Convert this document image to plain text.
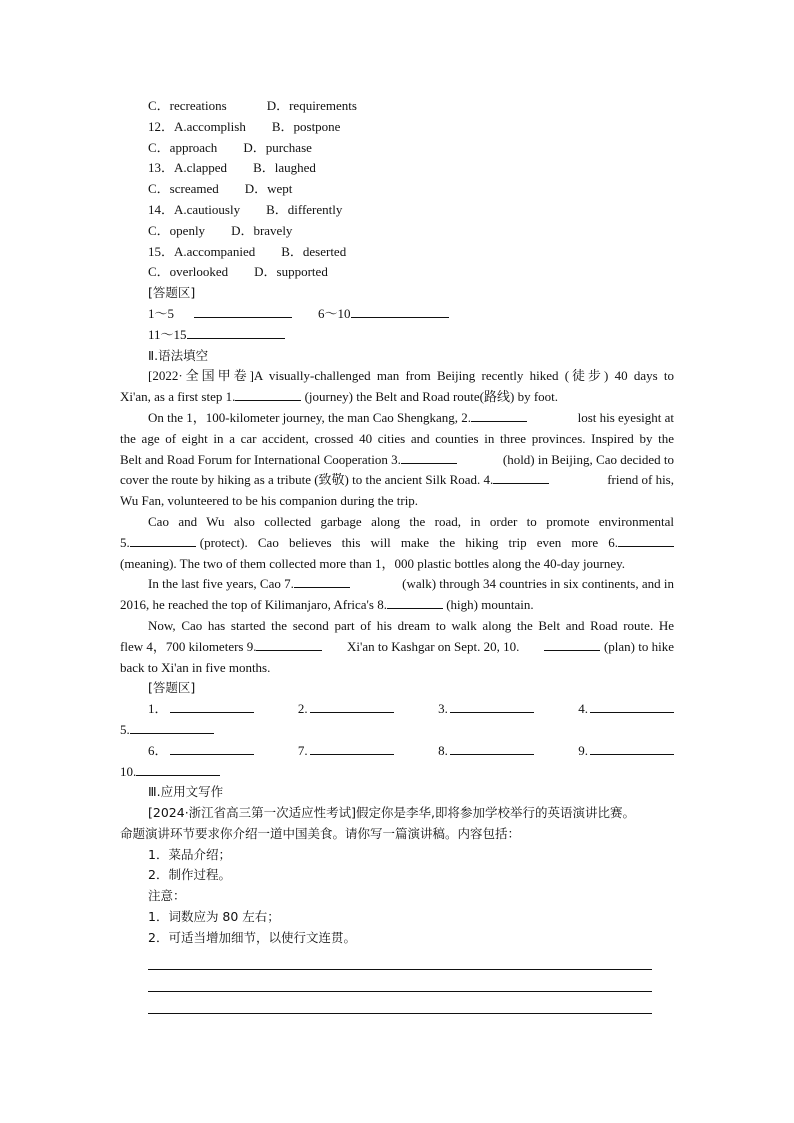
C．recreations	D．requirements
12．A.accomplish B．postpone
C．approach D．purchase
13．A.clapped B．laughed
C．screamed D．wept
14．A.cautiously B．differently
C．openly D．bravely
15．A.accompanied B．deserted
C．overlooked D．supported
[答题区]
1～5	6～10
11～15
Ⅱ.语法填空
[2022·全国甲卷]A visually-challenged man from Beijing recently hiked (徒步) 40 days to
Xi'an, as a first step 1.	(journey) the Belt and Road route(路线) by foot.
On the 1，100-kilometer journey, the man Cao Shengkang, 2.	lost his eyesight at
the age of eight in a car accident, crossed 40 cities and counties in three provinces. Inspired by the
Belt and Road Forum for International Cooperation 3.	(hold) in Beijing, Cao decided to
cover the route by hiking as a tribute (致敬) to the ancient Silk Road. 4.	friend of his,
Wu Fan, volunteered to be his companion during the trip.
Cao and Wu also collected garbage along the road, in order to promote environmental
5.	(protect). Cao believes this will make the hiking trip even more 6.
(meaning). The two of them collected more than 1，000 plastic bottles along the 40-day journey.
In the last five years, Cao 7.	(walk) through 34 countries in six continents, and in
2016, he reached the top of Kilimanjaro, Africa's 8.	(high) mountain.
Now, Cao has started the second part of his dream to walk along the Belt and Road route. He
flew 4，700 kilometers 9.	Xi'an to Kashgar on Sept. 20, 10.	(plan) to hike
back to Xi'an in five months.
[答题区]
1．	2.	3.	4.
5.
6．	7.	8.	9.
10.
Ⅲ.应用文写作
[2024·浙江省高三第一次适应性考试]假定你是李华,即将参加学校举行的英语演讲比赛。
命题演讲环节要求你介绍一道中国美食。请你写一篇演讲稿。内容包括：
1．菜品介绍；
2．制作过程。
注意：
1．词数应为 80 左右；
2．可适当增加细节，以使行文连贯。
